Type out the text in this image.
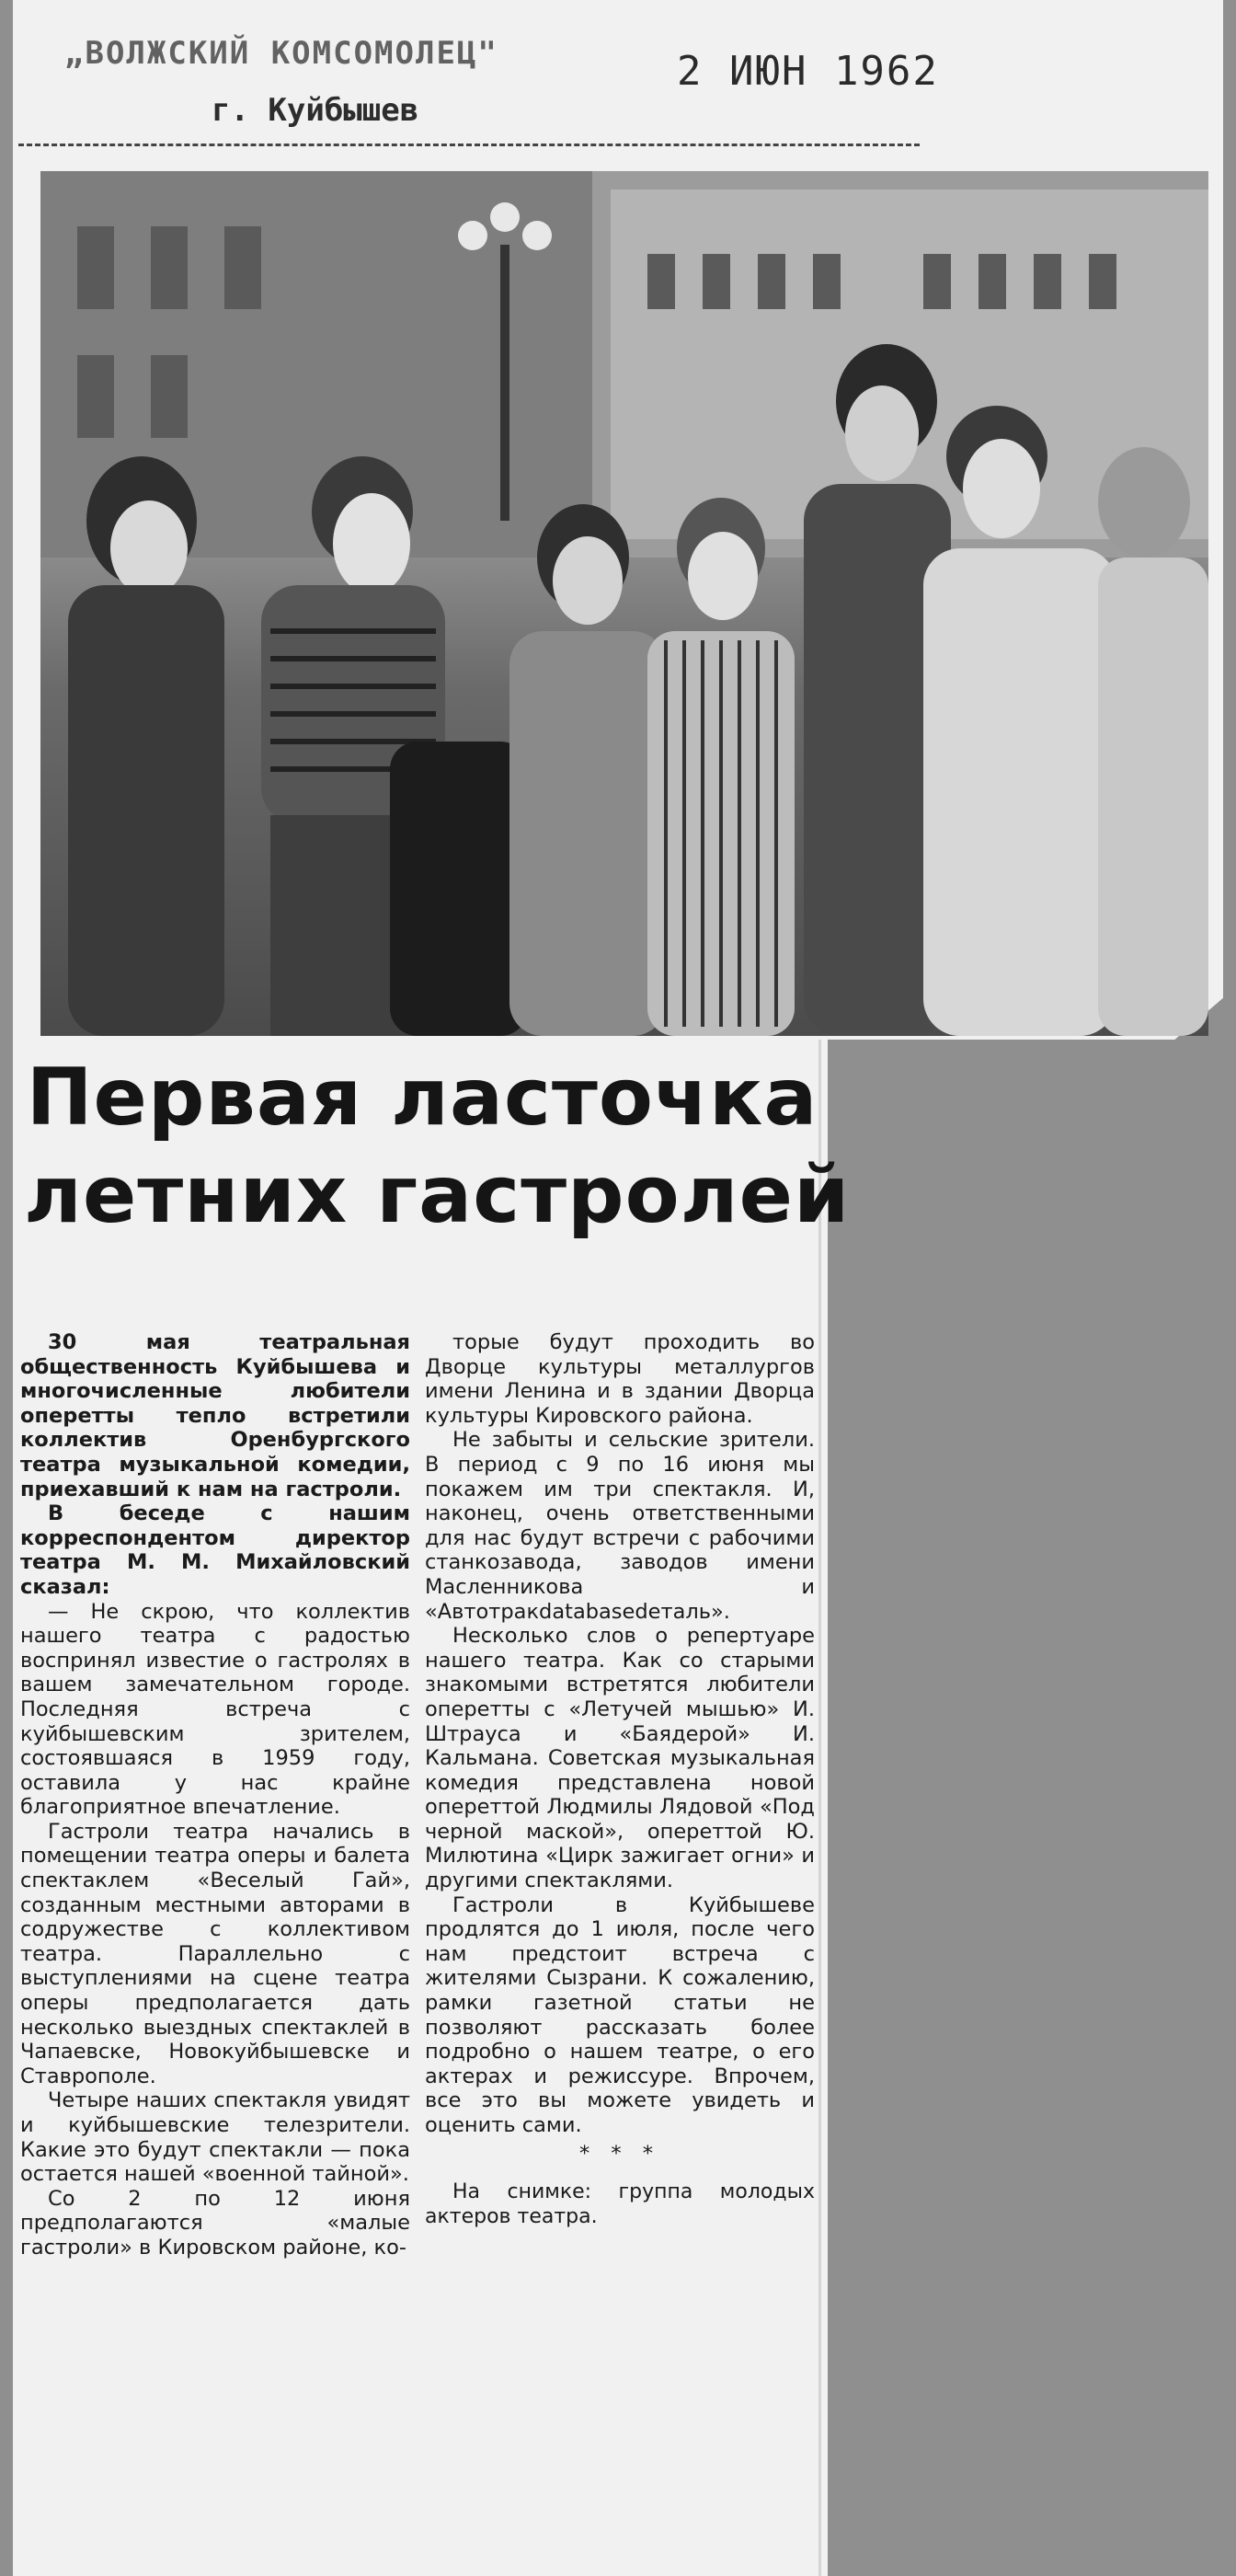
„ВОЛЖСКИЙ КОМСОМОЛЕЦ"
г. Куйбышев
2 ИЮН 1962
Первая ласточка
летних гастролей

30 мая театральная общественность Куйбышева и многочисленные любители оперетты тепло встретили коллектив Оренбургского театра музыкальной комедии, приехавший к нам на гастроли.

В беседе с нашим корреспондентом директор театра М. М. Михайловский сказал:

— Не скрою, что коллектив нашего театра с радостью воспринял известие о гастролях в вашем замечательном городе. Последняя встреча с куйбышевским зрителем, состоявшаяся в 1959 году, оставила у нас крайне благоприятное впечатление.

Гастроли театра начались в помещении театра оперы и балета спектаклем «Веселый Гай», созданным местными авторами в содружестве с коллективом театра. Параллельно с выступлениями на сцене театра оперы предполагается дать несколько выездных спектаклей в Чапаевске, Новокуйбышевске и Ставрополе.

Четыре наших спектакля увидят и куйбышевские телезрители. Какие это будут спектакли — пока остается нашей «военной тайной».

Со 2 по 12 июня предполагаются «малые гастроли» в Кировском районе, ко-

торые будут проходить во Дворце культуры металлургов имени Ленина и в здании Дворца культуры Кировского района.

Не забыты и сельские зрители. В период с 9 по 16 июня мы покажем им три спектакля. И, наконец, очень ответственными для нас будут встречи с рабочими станкозавода, заводов имени Масленникова и «Автотракdatabasedеталь».

Несколько слов о репертуаре нашего театра. Как со старыми знакомыми встретятся любители оперетты с «Летучей мышью» И. Штрауса и «Баядерой» И. Кальмана. Советская музыкальная комедия представлена новой опереттой Людмилы Лядовой «Под черной маской», опереттой Ю. Милютина «Цирк зажигает огни» и другими спектаклями.

Гастроли в Куйбышеве продлятся до 1 июля, после чего нам предстоит встреча с жителями Сызрани. К сожалению, рамки газетной статьи не позволяют рассказать более подробно о нашем театре, о его актерах и режиссуре. Впрочем, все это вы можете увидеть и оценить сами.

* * *

На снимке: группа молодых актеров театра.
